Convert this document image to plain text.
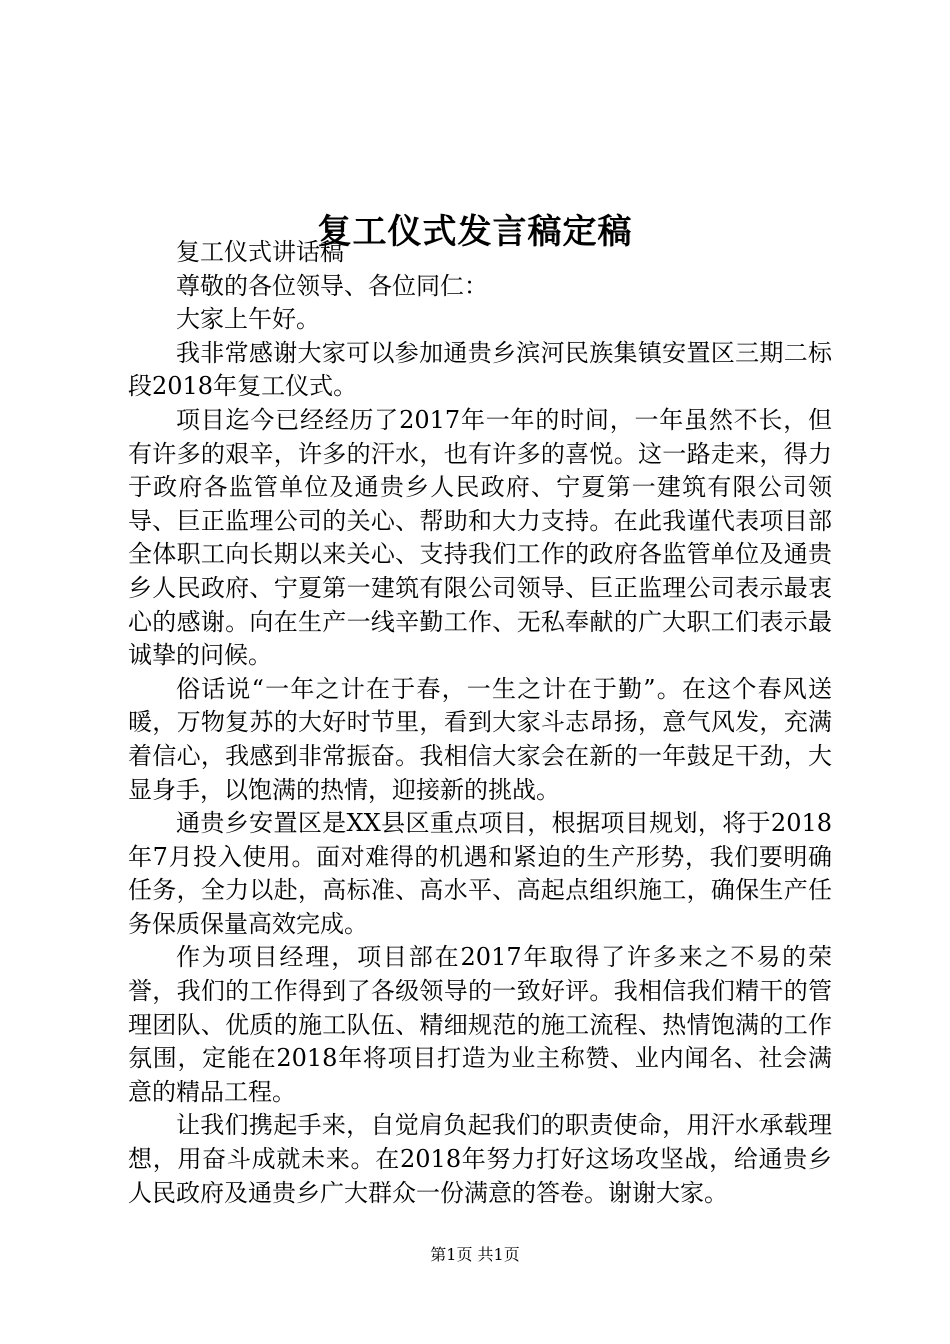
复工仪式发言稿定稿

复工仪式讲话稿

尊敬的各位领导、各位同仁：

大家上午好。

我非常感谢大家可以参加通贵乡滨河民族集镇安置区三期二标段2018年复工仪式。

项目迄今已经经历了2017年一年的时间，一年虽然不长，但有许多的艰辛，许多的汗水，也有许多的喜悦。这一路走来，得力于政府各监管单位及通贵乡人民政府、宁夏第一建筑有限公司领导、巨正监理公司的关心、帮助和大力支持。在此我谨代表项目部全体职工向长期以来关心、支持我们工作的政府各监管单位及通贵乡人民政府、宁夏第一建筑有限公司领导、巨正监理公司表示最衷心的感谢。向在生产一线辛勤工作、无私奉献的广大职工们表示最诚挚的问候。

俗话说“一年之计在于春，一生之计在于勤”。在这个春风送暖，万物复苏的大好时节里，看到大家斗志昂扬，意气风发，充满着信心，我感到非常振奋。我相信大家会在新的一年鼓足干劲，大显身手，以饱满的热情，迎接新的挑战。

通贵乡安置区是XX县区重点项目，根据项目规划，将于2018年7月投入使用。面对难得的机遇和紧迫的生产形势，我们要明确任务，全力以赴，高标准、高水平、高起点组织施工，确保生产任务保质保量高效完成。

作为项目经理，项目部在2017年取得了许多来之不易的荣誉，我们的工作得到了各级领导的一致好评。我相信我们精干的管理团队、优质的施工队伍、精细规范的施工流程、热情饱满的工作氛围，定能在2018年将项目打造为业主称赞、业内闻名、社会满意的精品工程。

让我们携起手来，自觉肩负起我们的职责使命，用汗水承载理想，用奋斗成就未来。在2018年努力打好这场攻坚战，给通贵乡人民政府及通贵乡广大群众一份满意的答卷。谢谢大家。

第1页 共1页
